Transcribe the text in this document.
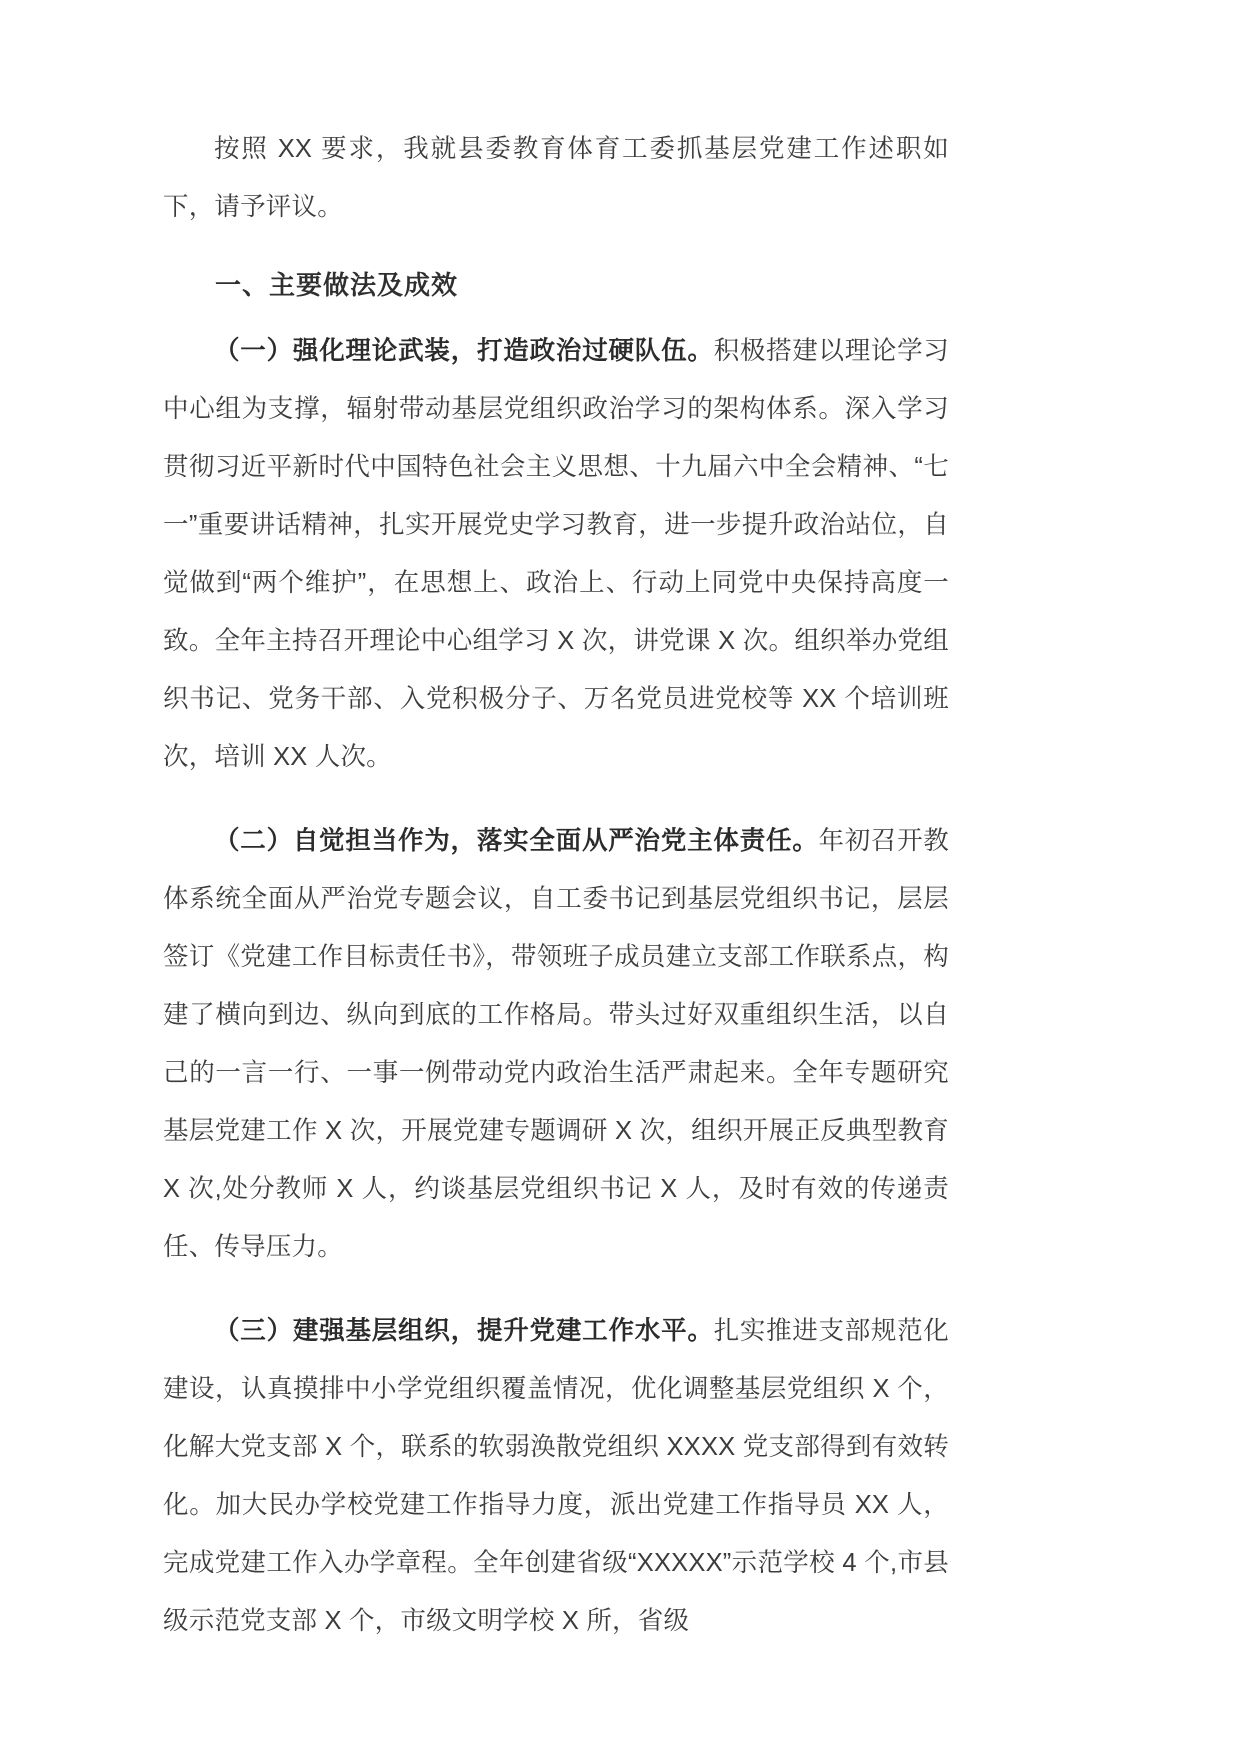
按照 XX 要求，我就县委教育体育工委抓基层党建工作述职如下，请予评议。

一、主要做法及成效

（一）强化理论武装，打造政治过硬队伍。积极搭建以理论学习中心组为支撑，辐射带动基层党组织政治学习的架构体系。深入学习贯彻习近平新时代中国特色社会主义思想、十九届六中全会精神、“七一”重要讲话精神，扎实开展党史学习教育，进一步提升政治站位，自觉做到“两个维护”，在思想上、政治上、行动上同党中央保持高度一致。全年主持召开理论中心组学习 X 次，讲党课 X 次。组织举办党组织书记、党务干部、入党积极分子、万名党员进党校等 XX 个培训班次，培训 XX 人次。

（二）自觉担当作为，落实全面从严治党主体责任。年初召开教体系统全面从严治党专题会议，自工委书记到基层党组织书记，层层签订《党建工作目标责任书》，带领班子成员建立支部工作联系点，构建了横向到边、纵向到底的工作格局。带头过好双重组织生活，以自己的一言一行、一事一例带动党内政治生活严肃起来。全年专题研究基层党建工作 X 次，开展党建专题调研 X 次，组织开展正反典型教育 X 次,处分教师 X 人，约谈基层党组织书记 X 人，及时有效的传递责任、传导压力。

（三）建强基层组织，提升党建工作水平。扎实推进支部规范化建设，认真摸排中小学党组织覆盖情况，优化调整基层党组织 X 个，化解大党支部 X 个，联系的软弱涣散党组织 XXXX 党支部得到有效转化。加大民办学校党建工作指导力度，派出党建工作指导员 XX 人，完成党建工作入办学章程。全年创建省级“XXXXX”示范学校 4 个,市县级示范党支部 X 个，市级文明学校 X 所，省级
